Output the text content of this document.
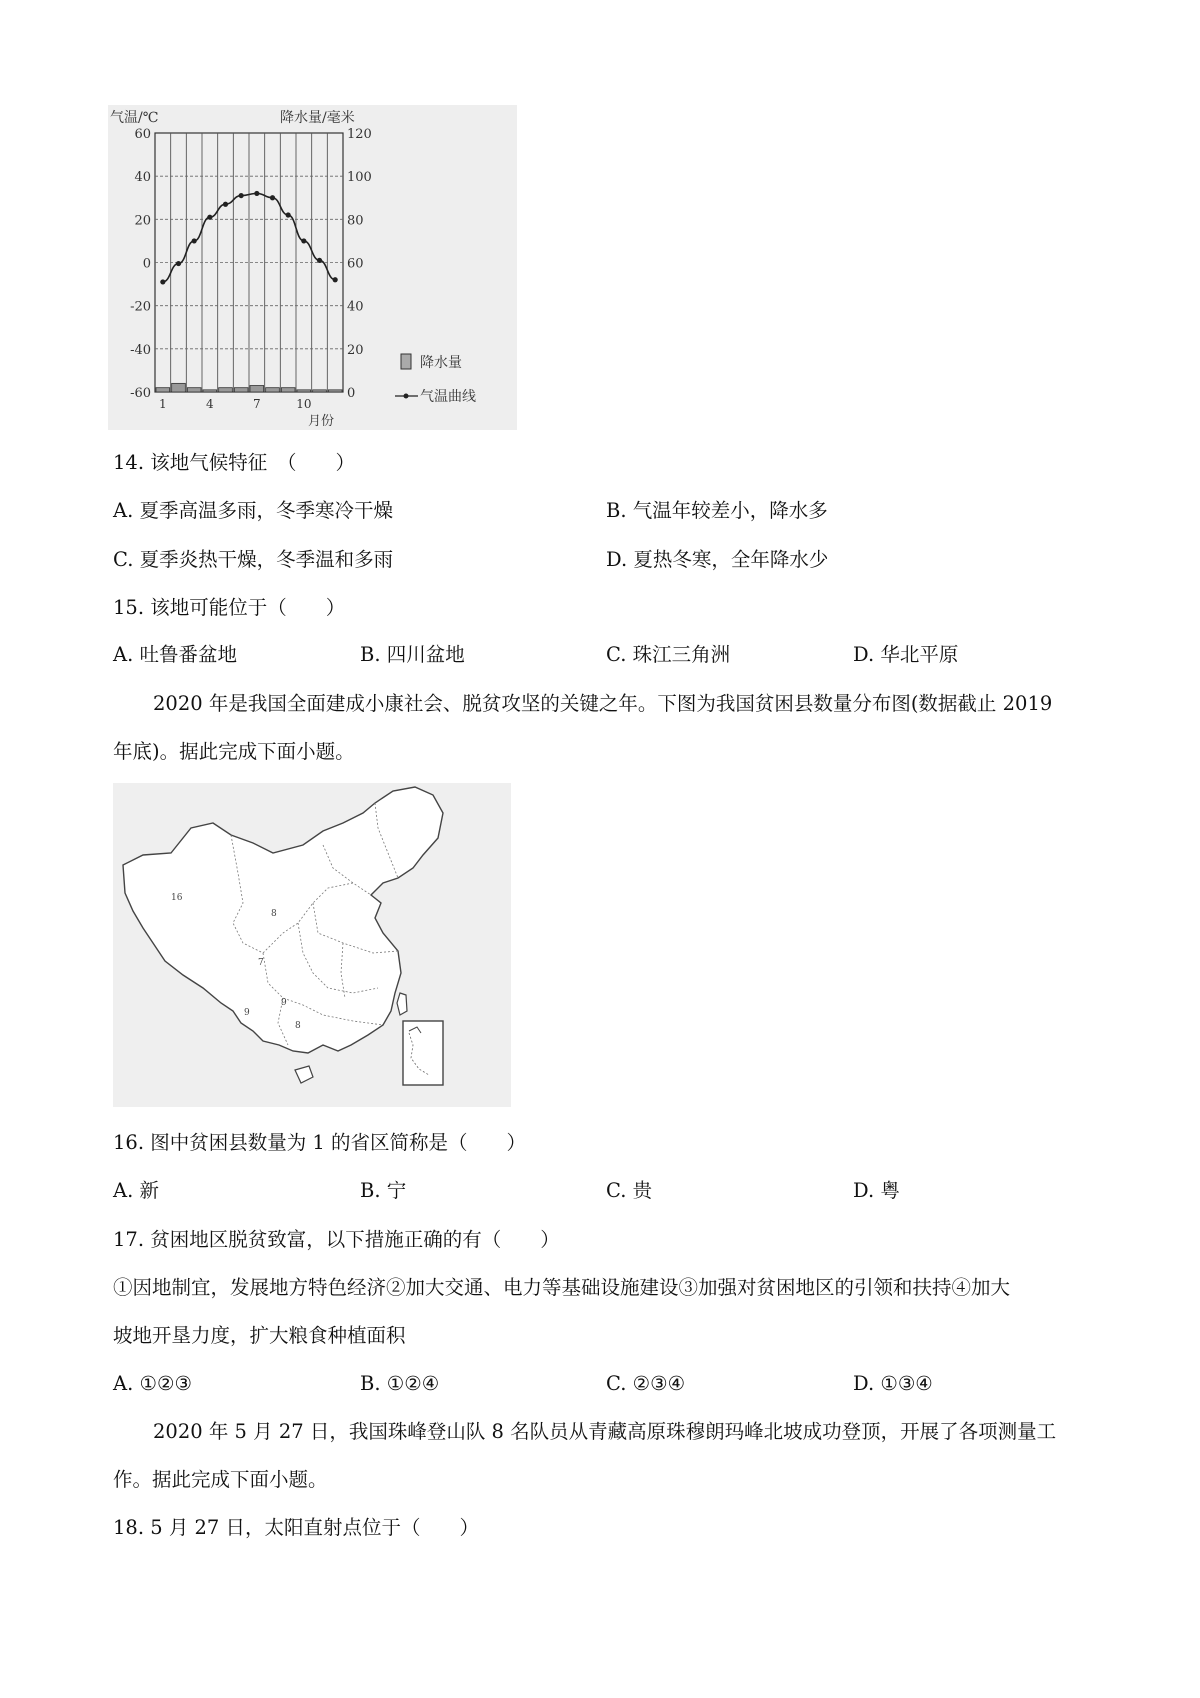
气温/℃	降水量/毫米
60	120
40	100
20	80
0	60
-20	40
-40	20
-60	0
1	4	7	10
降水量
气温曲线
月份
14. 该地气候特征　（　　）
A. 夏季高温多雨，冬季寒冷干燥	B. 气温年较差小，降水多
C. 夏季炎热干燥，冬季温和多雨	D. 夏热冬寒，全年降水少
15. 该地可能位于（　　）
A. 吐鲁番盆地	B. 四川盆地	C. 珠江三角洲	D. 华北平原
2020 年是我国全面建成小康社会、脱贫攻坚的关键之年。下图为我国贫困县数量分布图(数据截止 2019
年底)。据此完成下面小题。
16
8
7
9
9
8
16. 图中贫困县数量为 1 的省区简称是（　　）
A. 新	B. 宁	C. 贵	D. 粤
17. 贫困地区脱贫致富，以下措施正确的有（　　）
①因地制宜，发展地方特色经济②加大交通、电力等基础设施建设③加强对贫困地区的引领和扶持④加大
坡地开垦力度，扩大粮食种植面积
A. ①②③	B. ①②④	C. ②③④	D. ①③④
2020 年 5 月 27 日，我国珠峰登山队 8 名队员从青藏高原珠穆朗玛峰北坡成功登顶，开展了各项测量工
作。据此完成下面小题。
18. 5 月 27 日，太阳直射点位于（　　）
